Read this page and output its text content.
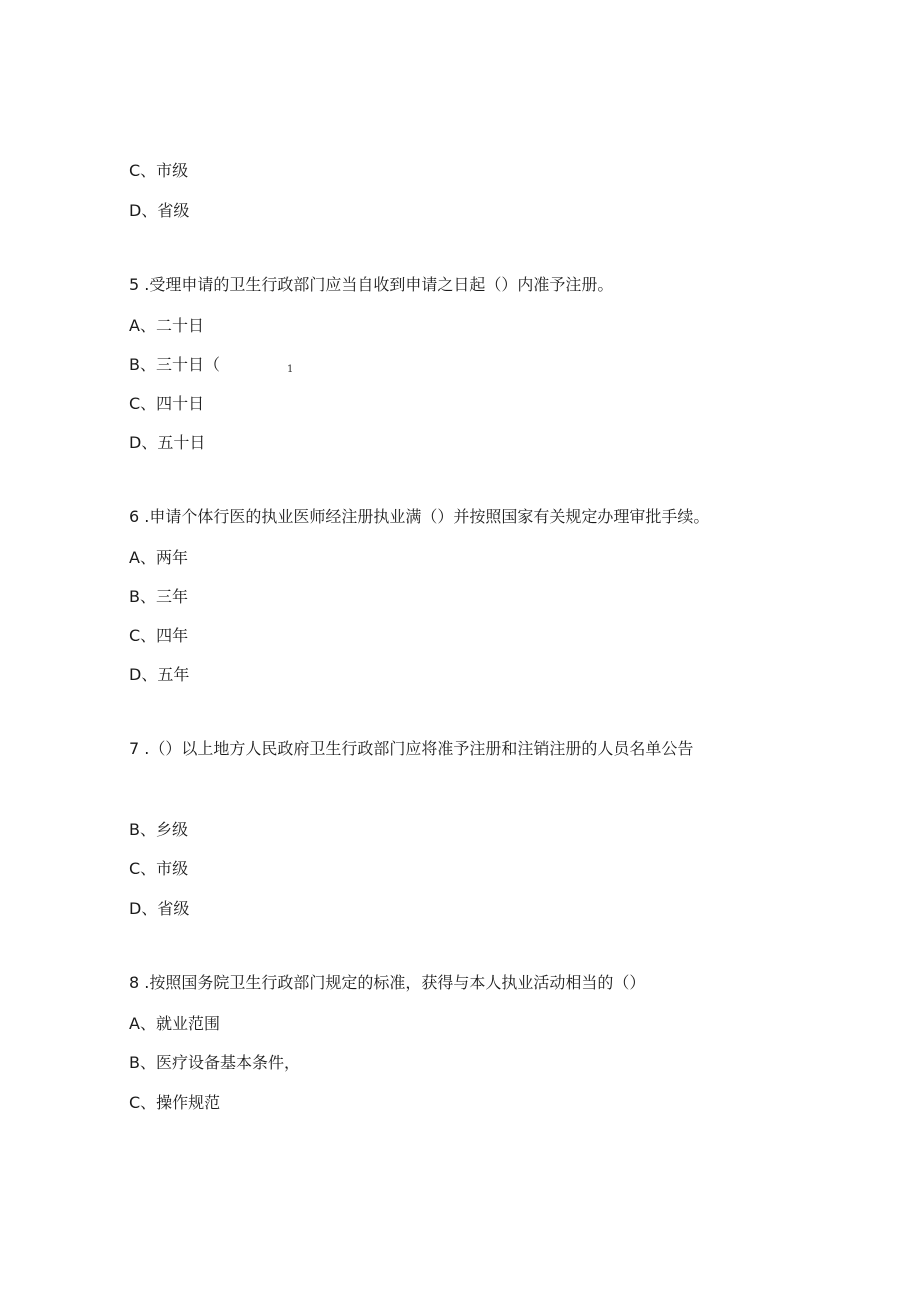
C、市级
D、省级
5 .受理申请的卫生行政部门应当自收到申请之日起（）内准予注册。
A、二十日
B、三十日（	1
C、四十日
D、五十日
6 .申请个体行医的执业医师经注册执业满（）并按照国家有关规定办理审批手续。
A、两年
B、三年
C、四年
D、五年
7 .（）以上地方人民政府卫生行政部门应将准予注册和注销注册的人员名单公告
B、乡级
C、市级
D、省级
8 .按照国务院卫生行政部门规定的标准，获得与本人执业活动相当的（）
A、就业范围
B、医疗设备基本条件，
C、操作规范
